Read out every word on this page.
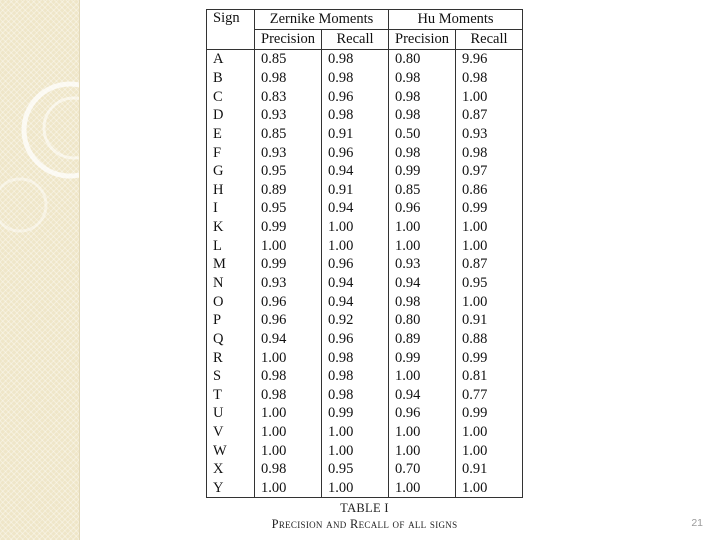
Sign	Zernike Moments		Hu Moments	
	Precision	Recall	Precision	Recall
A	0.85	0.98	0.80	9.96
B	0.98	0.98	0.98	0.98
C	0.83	0.96	0.98	1.00
D	0.93	0.98	0.98	0.87
E	0.85	0.91	0.50	0.93
F	0.93	0.96	0.98	0.98
G	0.95	0.94	0.99	0.97
H	0.89	0.91	0.85	0.86
I	0.95	0.94	0.96	0.99
K	0.99	1.00	1.00	1.00
L	1.00	1.00	1.00	1.00
M	0.99	0.96	0.93	0.87
N	0.93	0.94	0.94	0.95
O	0.96	0.94	0.98	1.00
P	0.96	0.92	0.80	0.91
Q	0.94	0.96	0.89	0.88
R	1.00	0.98	0.99	0.99
S	0.98	0.98	1.00	0.81
T	0.98	0.98	0.94	0.77
U	1.00	0.99	0.96	0.99
V	1.00	1.00	1.00	1.00
W	1.00	1.00	1.00	1.00
X	0.98	0.95	0.70	0.91
Y	1.00	1.00	1.00	1.00
TABLE I
Precision and Recall of all signs	21
